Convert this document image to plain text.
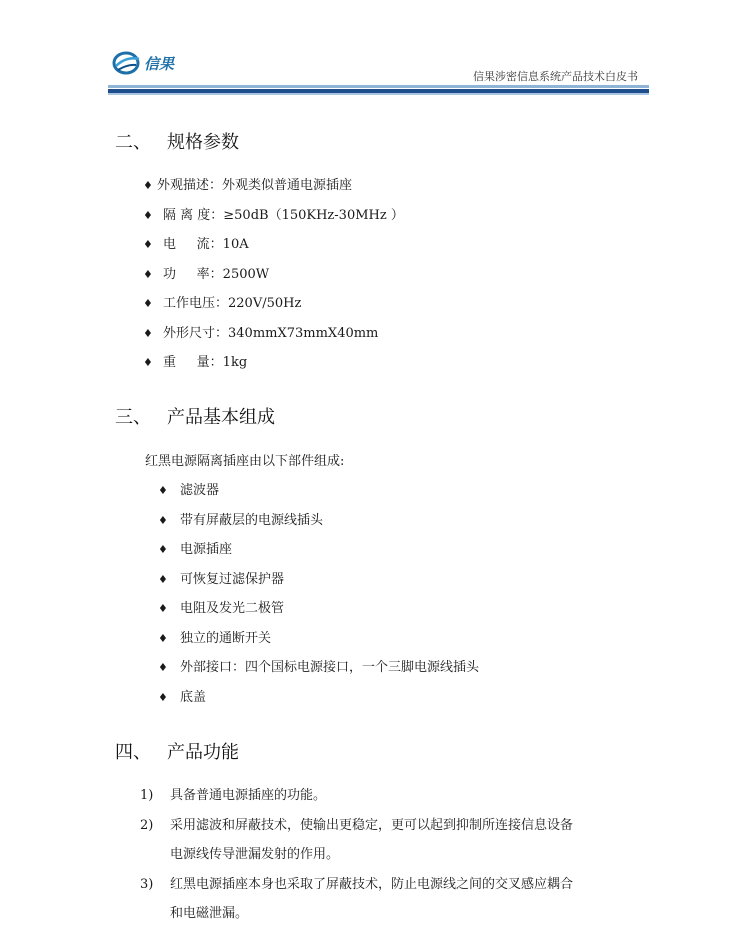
信果
信果涉密信息系统产品技术白皮书
二、 规格参数
♦ 外观描述：外观类似普通电源插座
♦ 隔 离 度：≥50dB（150KHz-30MHz ）
♦ 电     流：10A
♦ 功     率：2500W
♦ 工作电压：220V/50Hz
♦ 外形尺寸：340mmX73mmX40mm
♦ 重     量：1kg
三、 产品基本组成
红黑电源隔离插座由以下部件组成:
♦ 滤波器
♦ 带有屏蔽层的电源线插头
♦ 电源插座
♦ 可恢复过滤保护器
♦ 电阻及发光二极管
♦ 独立的通断开关
♦ 外部接口：四个国标电源接口，一个三脚电源线插头
♦ 底盖
四、 产品功能
1) 具备普通电源插座的功能。
2) 采用滤波和屏蔽技术，使输出更稳定，更可以起到抑制所连接信息设备
电源线传导泄漏发射的作用。
3) 红黑电源插座本身也采取了屏蔽技术，防止电源线之间的交叉感应耦合
和电磁泄漏。
